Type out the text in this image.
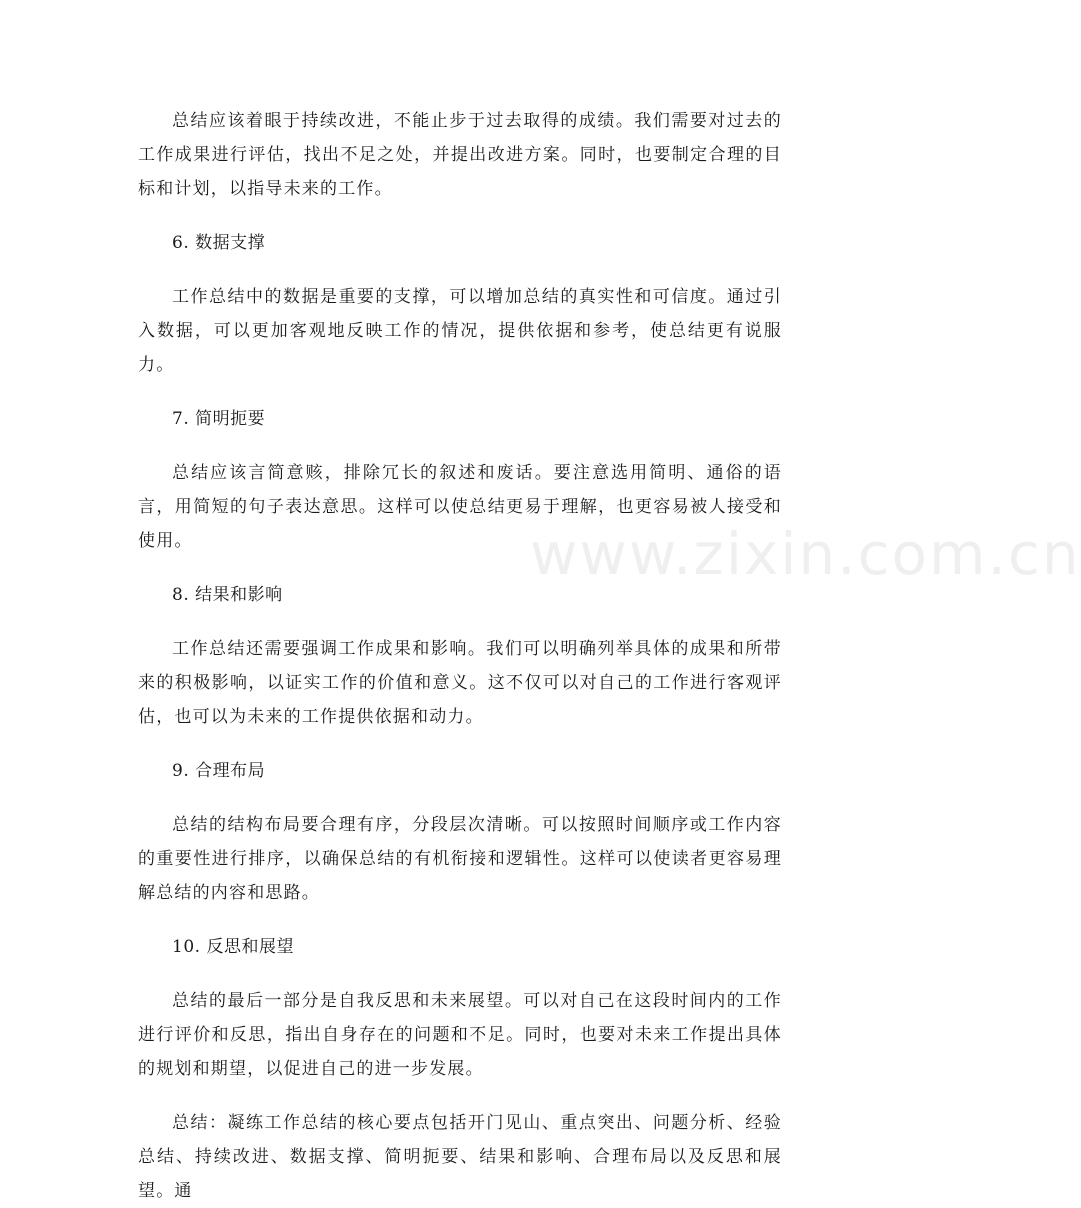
总结应该着眼于持续改进，不能止步于过去取得的成绩。我们需要对过去的工作成果进行评估，找出不足之处，并提出改进方案。同时，也要制定合理的目标和计划，以指导未来的工作。

6. 数据支撑

工作总结中的数据是重要的支撑，可以增加总结的真实性和可信度。通过引入数据，可以更加客观地反映工作的情况，提供依据和参考，使总结更有说服力。

7. 简明扼要

总结应该言简意赅，排除冗长的叙述和废话。要注意选用简明、通俗的语言，用简短的句子表达意思。这样可以使总结更易于理解，也更容易被人接受和使用。

8. 结果和影响

工作总结还需要强调工作成果和影响。我们可以明确列举具体的成果和所带来的积极影响，以证实工作的价值和意义。这不仅可以对自己的工作进行客观评估，也可以为未来的工作提供依据和动力。

9. 合理布局

总结的结构布局要合理有序，分段层次清晰。可以按照时间顺序或工作内容的重要性进行排序，以确保总结的有机衔接和逻辑性。这样可以使读者更容易理解总结的内容和思路。

10. 反思和展望

总结的最后一部分是自我反思和未来展望。可以对自己在这段时间内的工作进行评价和反思，指出自身存在的问题和不足。同时，也要对未来工作提出具体的规划和期望，以促进自己的进一步发展。

总结：凝练工作总结的核心要点包括开门见山、重点突出、问题分析、经验总结、持续改进、数据支撑、简明扼要、结果和影响、合理布局以及反思和展望。通

www.zixin.com.cn
